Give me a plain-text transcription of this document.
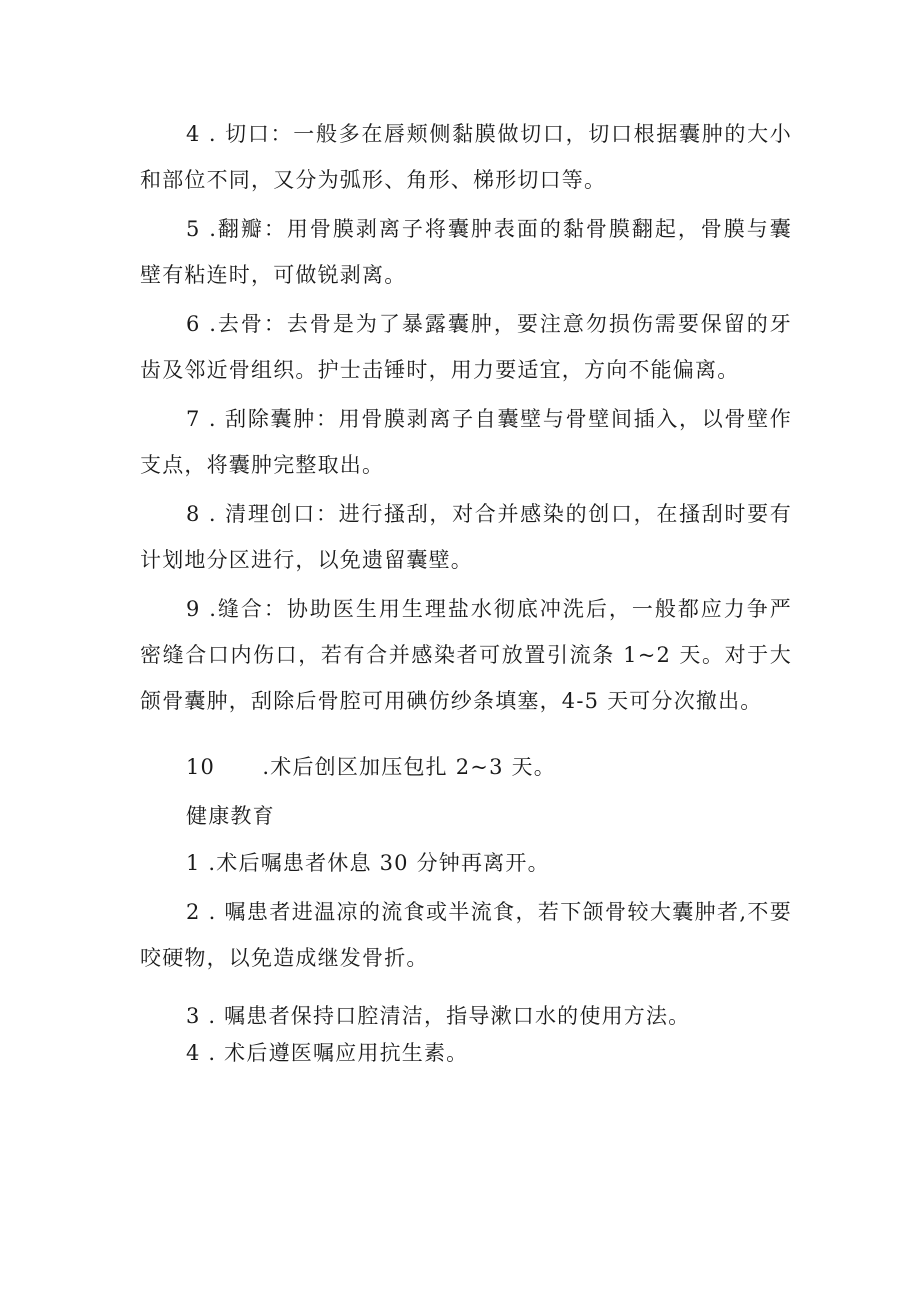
4 . 切口：一般多在唇颊侧黏膜做切口，切口根据囊肿的大小和部位不同，又分为弧形、角形、梯形切口等。

5 .翻瓣：用骨膜剥离子将囊肿表面的黏骨膜翻起，骨膜与囊壁有粘连时，可做锐剥离。

6 .去骨：去骨是为了暴露囊肿，要注意勿损伤需要保留的牙齿及邻近骨组织。护士击锤时，用力要适宜，方向不能偏离。

7 . 刮除囊肿：用骨膜剥离子自囊壁与骨壁间插入，以骨壁作支点，将囊肿完整取出。

8 . 清理创口：进行搔刮，对合并感染的创口，在搔刮时要有计划地分区进行，以免遗留囊壁。

9 .缝合：协助医生用生理盐水彻底冲洗后，一般都应力争严密缝合口内伤口，若有合并感染者可放置引流条 1~2 天。对于大颌骨囊肿，刮除后骨腔可用碘仿纱条填塞，4-5 天可分次撤出。

10      .术后创区加压包扎 2~3 天。

健康教育

1 .术后嘱患者休息 30 分钟再离开。

2 . 嘱患者进温凉的流食或半流食，若下颌骨较大囊肿者,不要咬硬物，以免造成继发骨折。

3 . 嘱患者保持口腔清洁，指导漱口水的使用方法。

4 . 术后遵医嘱应用抗生素。
